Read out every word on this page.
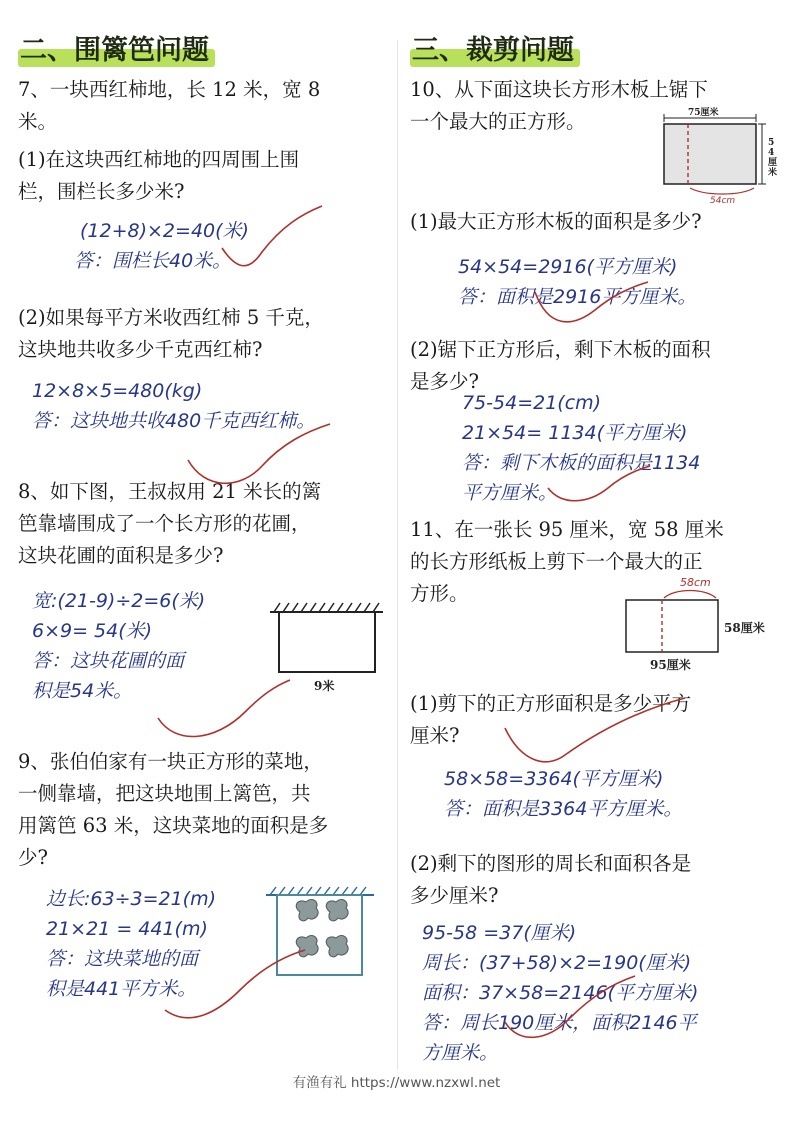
二、围篱笆问题

7、一块西红柿地，长 12 米，宽 8

米。

(1)在这块西红柿地的四周围上围

栏，围栏长多少米?

(12+8)×2=40(米)

答：围栏长40米。

(2)如果每平方米收西红柿 5 千克，

这块地共收多少千克西红柿?

12×8×5=480(kg)

答：这块地共收480千克西红柿。

8、如下图，王叔叔用 21 米长的篱

笆靠墙围成了一个长方形的花圃，

这块花圃的面积是多少?

宽:(21-9)÷2=6(米)

6×9= 54(米)

答：这块花圃的面

积是54米。

9、张伯伯家有一块正方形的菜地，

一侧靠墙，把这块地围上篱笆，共

用篱笆 63 米，这块菜地的面积是多

少?

边长:63÷3=21(m)

21×21 = 441(m)

答：这块菜地的面

积是441平方米。

9米
三、裁剪问题

10、从下面这块长方形木板上锯下

一个最大的正方形。

(1)最大正方形木板的面积是多少?

54×54=2916(平方厘米)

答：面积是2916平方厘米。

(2)锯下正方形后，剩下木板的面积

是多少?

75-54=21(cm)

21×54= 1134(平方厘米)

答：剩下木板的面积是1134

平方厘米。

11、在一张长 95 厘米，宽 58 厘米

的长方形纸板上剪下一个最大的正

方形。

(1)剪下的正方形面积是多少平方

厘米?

58×58=3364(平方厘米)

答：面积是3364平方厘米。

(2)剩下的图形的周长和面积各是

多少厘米?

95-58 =37(厘米)

周长：(37+58)×2=190(厘米)

面积：37×58=2146(平方厘米)

答：周长190厘米，面积2146平

方厘米。

75厘米
54厘米
54cm
58cm
58厘米
95厘米
有渔有礼 https://www.nzxwl.net
